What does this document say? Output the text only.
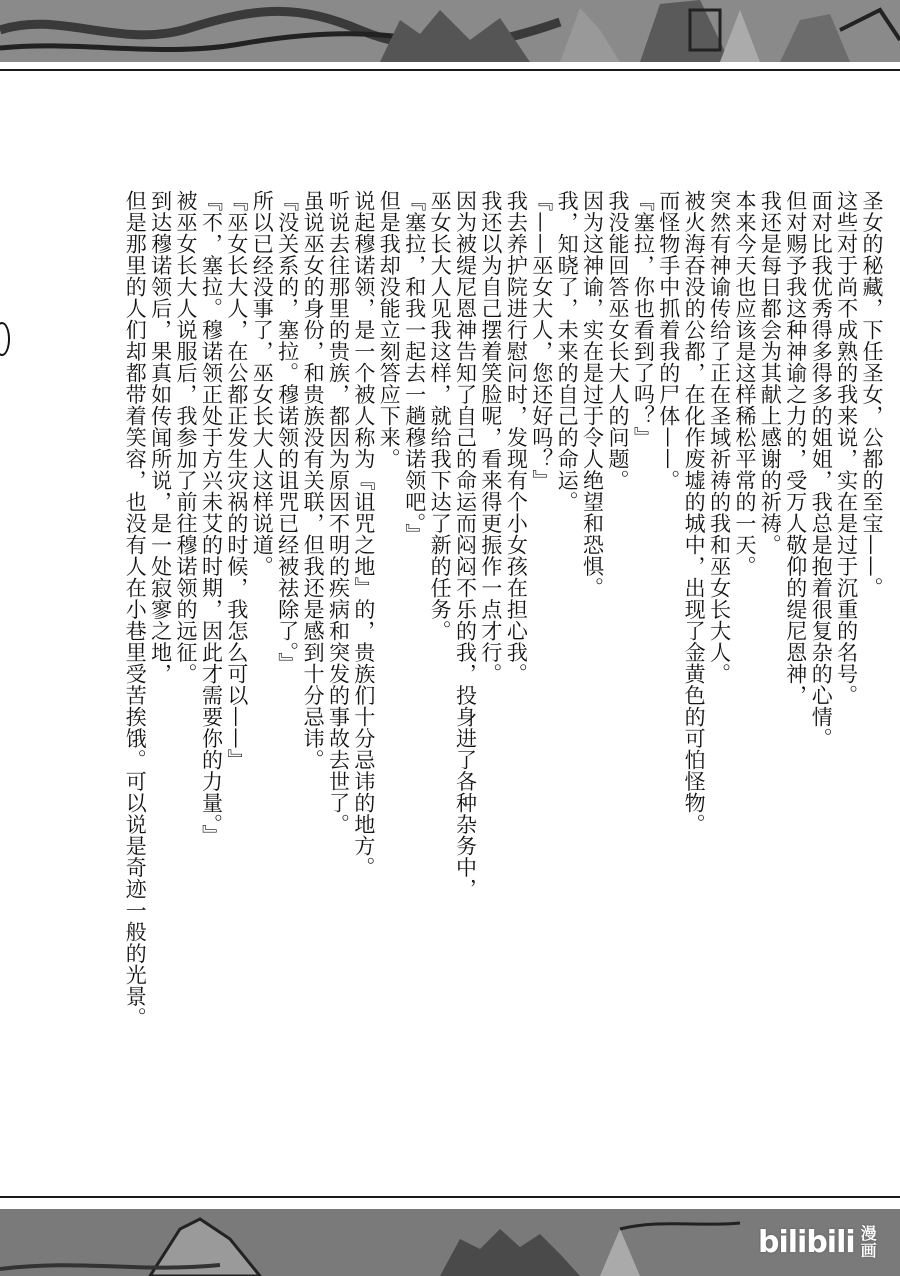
圣女的秘藏，下任圣女，公都的至宝——。
这些对于尚不成熟的我来说，实在是过于沉重的名号。
面对比我优秀得多得多的姐姐，我总是抱着很复杂的心情。
但对赐予我这种神谕之力的，受万人敬仰的缇尼恩神，
我还是每日都会为其献上感谢的祈祷。
本来今天也应该是这样稀松平常的一天。
突然有神谕传给了正在圣域祈祷的我和巫女长大人。
被火海吞没的公都，在化作废墟的城中，出现了金黄色的可怕怪物。
而怪物手中抓着我的尸体——。
『塞拉，你也看到了吗？』
我没能回答巫女长大人的问题。
因为这神谕，实在是过于令人绝望和恐惧。
我，知晓了，未来的自己的命运。
『——巫女大人，您还好吗？』
我去养护院进行慰问时，发现有个小女孩在担心我。
我还以为自己摆着笑脸呢，看来得更振作一点才行。
因为被缇尼恩神告知了自己的命运而闷闷不乐的我，投身进了各种杂务中，
巫女长大人见我这样，就给我下达了新的任务。
『塞拉，和我一起去一趟穆诺领吧。』
但是我却没能立刻答应下来。
说起穆诺领，是一个被人称为『诅咒之地』的，贵族们十分忌讳的地方。
听说去往那里的贵族，都因为原因不明的疾病和突发的事故去世了。
虽说巫女的身份，和贵族没有关联，但我还是感到十分忌讳。
『没关系的，塞拉。穆诺领的诅咒已经被祛除了。』
所以已经没事了，巫女长大人这样说道。
『巫女长大人，在公都正发生灾祸的时候，我怎么可以——』
『不，塞拉。穆诺领正处于方兴未艾的时期，因此才需要你的力量。』
被巫女长大人说服后，我参加了前往穆诺领的远征。
到达穆诺领后，果真如传闻所说，是一处寂寥之地，
但是那里的人们却都带着笑容，也没有人在小巷里受苦挨饿。可以说是奇迹一般的光景。
bilibili 漫
画
